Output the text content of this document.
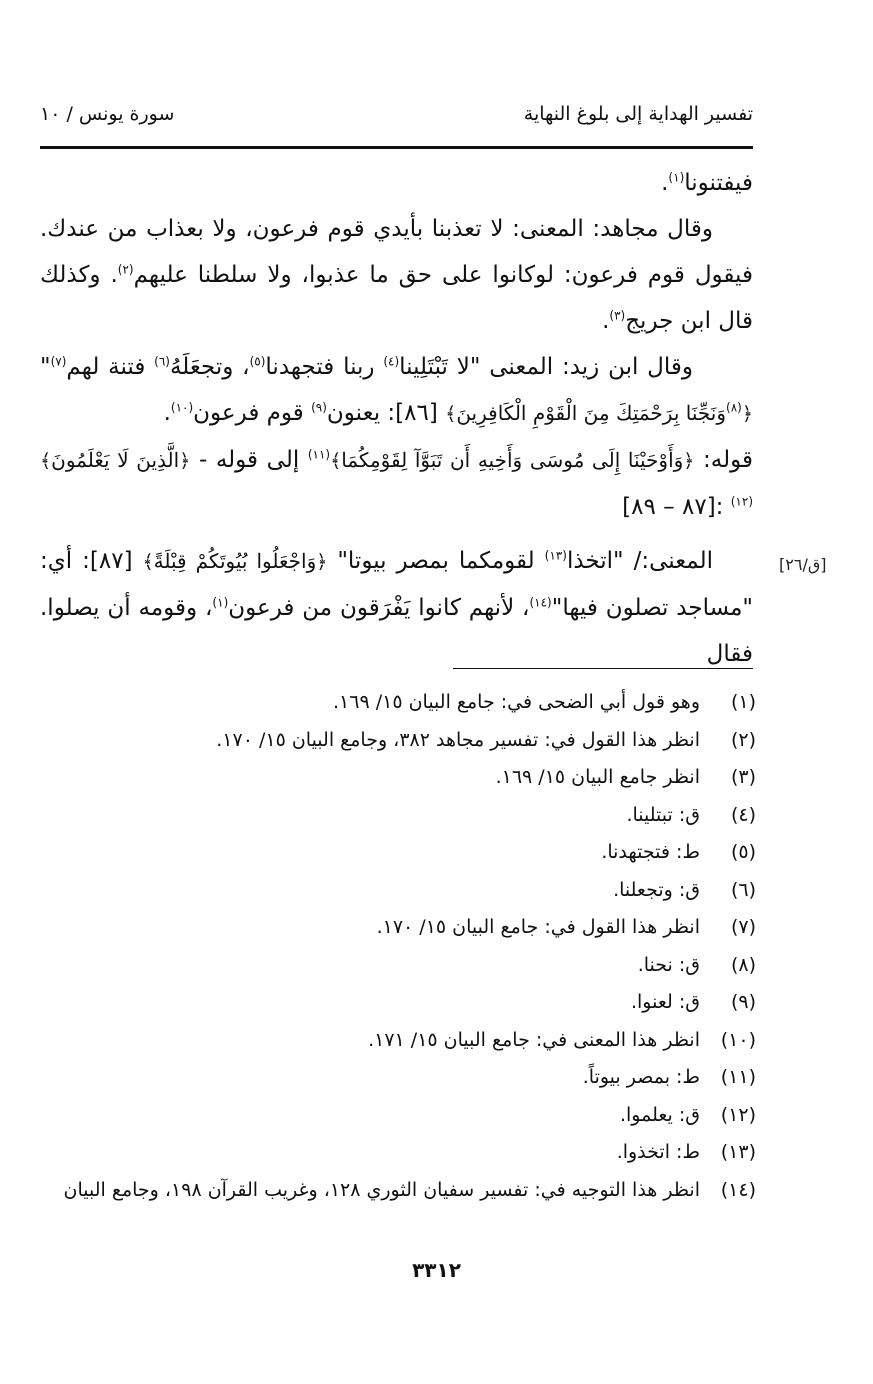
تفسير الهداية إلى بلوغ النهاية
سورة يونس / ١٠
[ق/٢٦]

فيفتنونا$^{(١)}$.

وقال مجاهد: المعنى: لا تعذبنا بأيدي قوم فرعون، ولا بعذاب من عندك. فيقول قوم فرعون: لوكانوا على حق ما عذبوا، ولا سلطنا عليهم$^{(٢)}$. وكذلك قال ابن جريج$^{(٣)}$.

وقال ابن زيد: المعنى "لا تَبْتَلِينا$^{(٤)}$ ربنا فتجهدنا$^{(٥)}$، وتجعَلَهُ$^{(٦)}$ فتنة لهم$^{(٧)}$" ﴿$^{(٨)}$وَنَجِّنَا بِرَحْمَتِكَ مِنَ الْقَوْمِ الْكَافِرِينَ﴾ [٨٦]: يعنون$^{(٩)}$ قوم فرعون$^{(١٠)}$.

قوله: ﴿وَأَوْحَيْنَا إِلَى مُوسَى وَأَخِيهِ أَن تَبَوَّآ لِقَوْمِكُمَا﴾$^{(١١)}$ إلى قوله - ﴿الَّذِينَ لَا يَعْلَمُونَ﴾$^{(١٢)}$ :[٨٧ – ٨٩]

المعنى:/ "اتخذا$^{(١٣)}$ لقومكما بمصر بيوتا" ﴿وَاجْعَلُوا بُيُوتَكُمْ قِبْلَةً﴾ [٨٧]: أي: "مساجد تصلون فيها"$^{(١٤)}$، لأنهم كانوا يَفْرَقون من فرعون$^{(١)}$، وقومه أن يصلوا. فقال

(١)
وهو قول أبي الضحى في: جامع البيان ١٥/ ١٦٩.
(٢)
انظر هذا القول في: تفسير مجاهد ٣٨٢، وجامع البيان ١٥/ ١٧٠.
(٣)
انظر جامع البيان ١٥/ ١٦٩.
(٤)
ق: تبتلينا.
(٥)
ط: فتجتهدنا.
(٦)
ق: وتجعلنا.
(٧)
انظر هذا القول في: جامع البيان ١٥/ ١٧٠.
(٨)
ق: نحنا.
(٩)
ق: لعنوا.
(١٠)
انظر هذا المعنى في: جامع البيان ١٥/ ١٧١.
(١١)
ط: بمصر بيوتاً.
(١٢)
ق: يعلموا.
(١٣)
ط: اتخذوا.
(١٤)
انظر هذا التوجيه في: تفسير سفيان الثوري ١٢٨، وغريب القرآن ١٩٨، وجامع البيان
٣٣١٢
